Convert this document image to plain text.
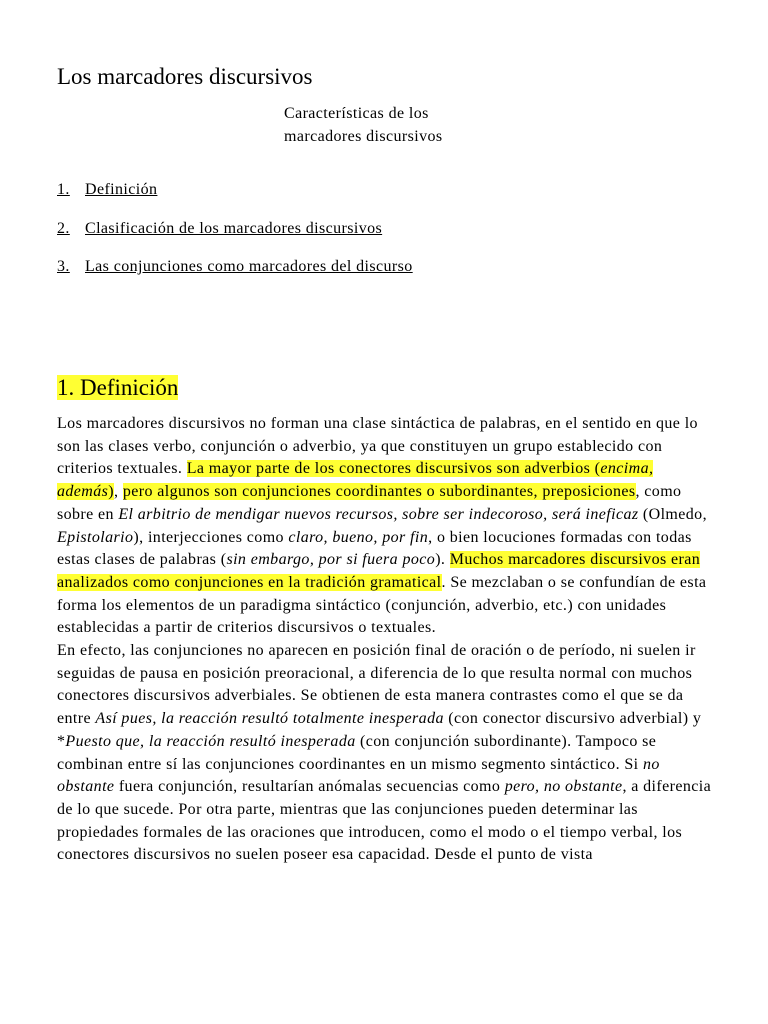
Los marcadores discursivos
Características de los marcadores discursivos
1. Definición
2. Clasificación de los marcadores discursivos
3. Las conjunciones como marcadores del discurso
1. Definición

Los marcadores discursivos no forman una clase sintáctica de palabras, en el sentido en que lo son las clases verbo, conjunción o adverbio, ya que constituyen un grupo establecido con criterios textuales. La mayor parte de los conectores discursivos son adverbios (encima, además), pero algunos son conjunciones coordinantes o subordinantes, preposiciones, como sobre en El arbitrio de mendigar nuevos recursos, sobre ser indecoroso, será ineficaz (Olmedo, Epistolario), interjecciones como claro, bueno, por fin, o bien locuciones formadas con todas estas clases de palabras (sin embargo, por si fuera poco). Muchos marcadores discursivos eran analizados como conjunciones en la tradición gramatical. Se mezclaban o se confundían de esta forma los elementos de un paradigma sintáctico (conjunción, adverbio, etc.) con unidades establecidas a partir de criterios discursivos o textuales.

En efecto, las conjunciones no aparecen en posición final de oración o de período, ni suelen ir seguidas de pausa en posición preoracional, a diferencia de lo que resulta normal con muchos conectores discursivos adverbiales. Se obtienen de esta manera contrastes como el que se da entre Así pues, la reacción resultó totalmente inesperada (con conector discursivo adverbial) y *Puesto que, la reacción resultó inesperada (con conjunción subordinante). Tampoco se combinan entre sí las conjunciones coordinantes en un mismo segmento sintáctico. Si no obstante fuera conjunción, resultarían anómalas secuencias como pero, no obstante, a diferencia de lo que sucede. Por otra parte, mientras que las conjunciones pueden determinar las propiedades formales de las oraciones que introducen, como el modo o el tiempo verbal, los conectores discursivos no suelen poseer esa capacidad. Desde el punto de vista
